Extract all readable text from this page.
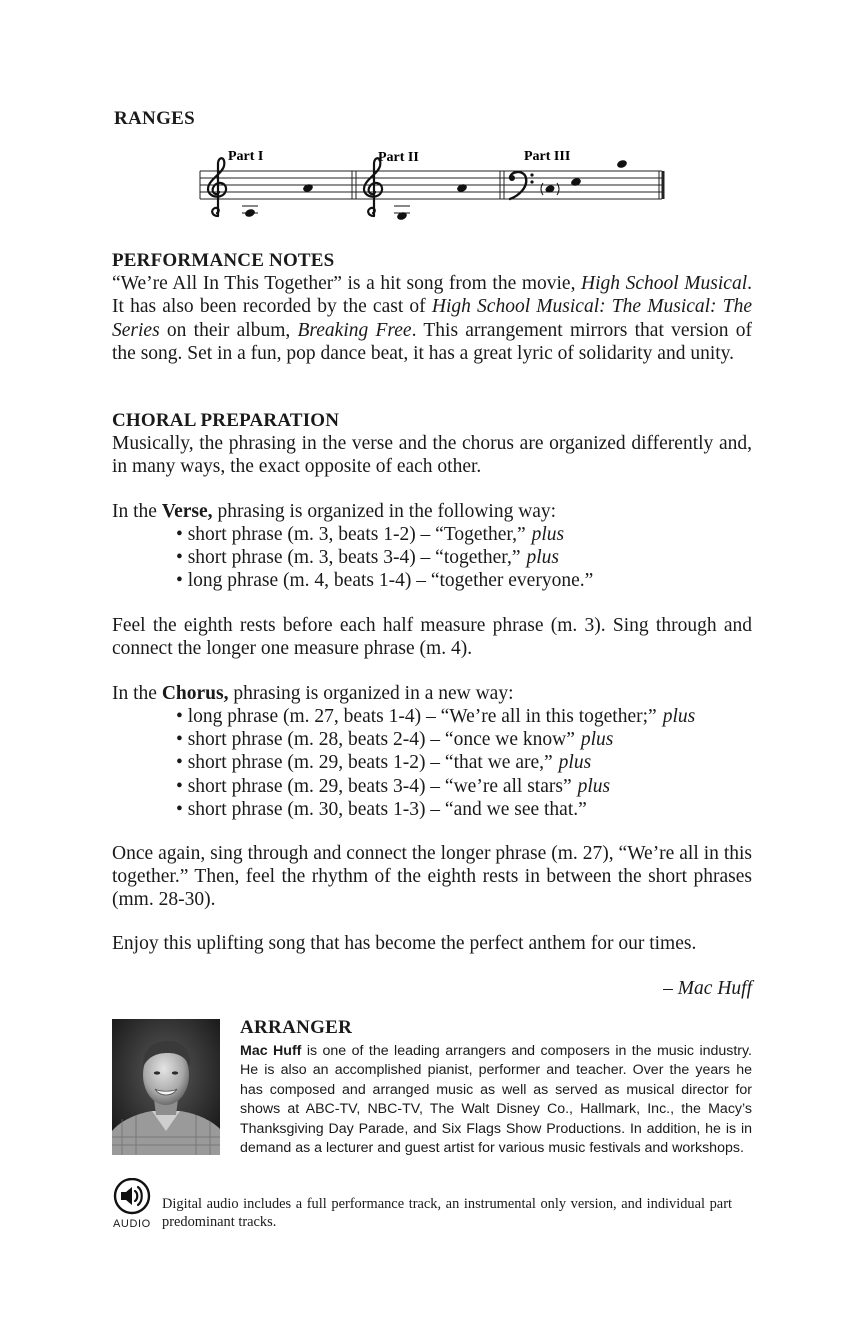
RANGES
Part I	Part II	Part III
PERFORMANCE NOTES
“We’re All In This Together” is a hit song from the movie, High School Musical. It has also been recorded by the cast of High School Musical: The Musical: The Series on their album, Breaking Free. This arrangement mirrors that version of the song. Set in a fun, pop dance beat, it has a great lyric of solidarity and unity.
CHORAL PREPARATION
Musically, the phrasing in the verse and the chorus are organized differently and, in many ways, the exact opposite of each other.
In the Verse, phrasing is organized in the following way:
• short phrase (m. 3, beats 1-2) – “Together,” plus
• short phrase (m. 3, beats 3-4) – “together,” plus
• long phrase (m. 4, beats 1-4) – “together everyone.”
Feel the eighth rests before each half measure phrase (m. 3). Sing through and connect the longer one measure phrase (m. 4).
In the Chorus, phrasing is organized in a new way:
• long phrase (m. 27, beats 1-4) – “We’re all in this together;” plus
• short phrase (m. 28, beats 2-4) – “once we know” plus
• short phrase (m. 29, beats 1-2) – “that we are,” plus
• short phrase (m. 29, beats 3-4) – “we’re all stars” plus
• short phrase (m. 30, beats 1-3) – “and we see that.”
Once again, sing through and connect the longer phrase (m. 27), “We’re all in this together.” Then, feel the rhythm of the eighth rests in between the short phrases (mm. 28-30).
Enjoy this uplifting song that has become the perfect anthem for our times.
– Mac Huff
ARRANGER
Mac Huff is one of the leading arrangers and composers in the music industry. He is also an accomplished pianist, performer and teacher. Over the years he has composed and arranged music as well as served as musical director for shows at ABC-TV, NBC-TV, The Walt Disney Co., Hallmark, Inc., the Macy’s Thanksgiving Day Parade, and Six Flags Show Productions. In addition, he is in demand as a lecturer and guest artist for various music festivals and workshops.
AUDIO
Digital audio includes a full performance track, an instrumental only version, and individual part predominant tracks.
